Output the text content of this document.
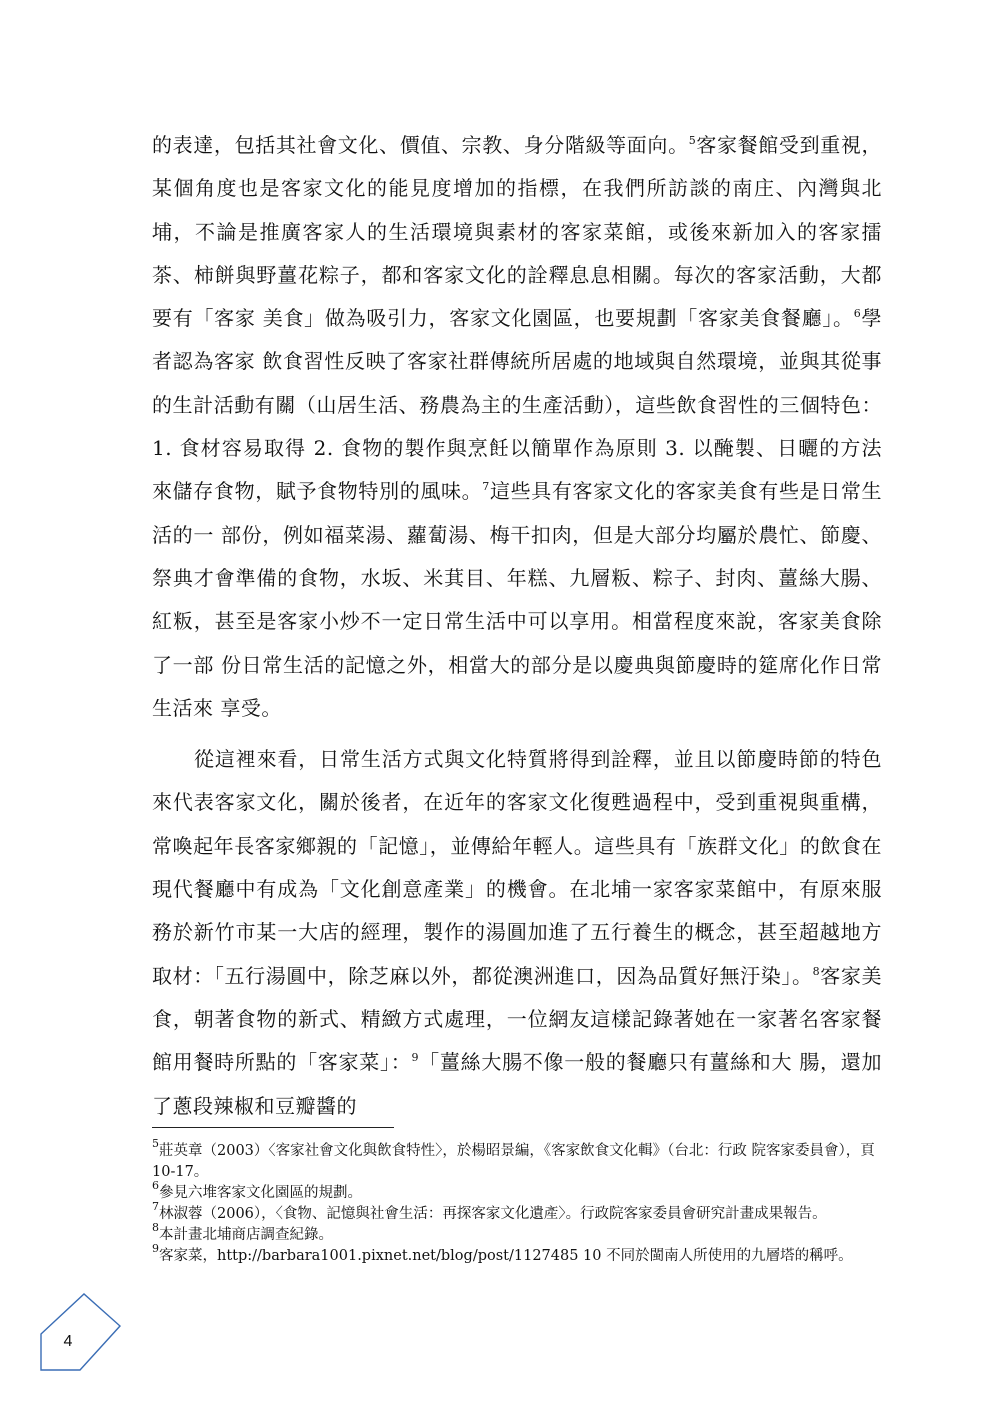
的表達，包括其社會文化、價值、宗教、身分階級等面向。$^5$客家餐館受到重視，某個角度也是客家文化的能見度增加的指標，在我們所訪談的南庄、內灣與北埔，不論是推廣客家人的生活環境與素材的客家菜館，或後來新加入的客家擂茶、柿餅與野薑花粽子，都和客家文化的詮釋息息相關。每次的客家活動，大都要有「客家 美食」做為吸引力，客家文化園區，也要規劃「客家美食餐廳」。$^6$學者認為客家 飲食習性反映了客家社群傳統所居處的地域與自然環境，並與其從事的生計活動有關（山居生活、務農為主的生產活動），這些飲食習性的三個特色：1. 食材容易取得 2. 食物的製作與烹飪以簡單作為原則 3. 以醃製、日曬的方法來儲存食物，賦予食物特別的風味。$^7$這些具有客家文化的客家美食有些是日常生活的一 部份，例如福菜湯、蘿蔔湯、梅干扣肉，但是大部分均屬於農忙、節慶、祭典才會準備的食物，水坂、米萁目、年糕、九層粄、粽子、封肉、薑絲大腸、紅粄，甚至是客家小炒不一定日常生活中可以享用。相當程度來說，客家美食除了一部 份日常生活的記憶之外，相當大的部分是以慶典與節慶時的筵席化作日常生活來 享受。

從這裡來看，日常生活方式與文化特質將得到詮釋，並且以節慶時節的特色 來代表客家文化，關於後者，在近年的客家文化復甦過程中，受到重視與重構，常喚起年長客家鄉親的「記憶」，並傳給年輕人。這些具有「族群文化」的飲食在現代餐廳中有成為「文化創意產業」的機會。在北埔一家客家菜館中，有原來服務於新竹市某一大店的經理，製作的湯圓加進了五行養生的概念，甚至超越地方取材：「五行湯圓中，除芝麻以外，都從澳洲進口，因為品質好無汙染」。$^8$客家美食，朝著食物的新式、精緻方式處理，一位網友這樣記錄著她在一家著名客家餐館用餐時所點的「客家菜」：$^9$「薑絲大腸不像一般的餐廳只有薑絲和大 腸，還加了蔥段辣椒和豆瓣醬的

$^5$莊英章（2003）〈客家社會文化與飲食特性〉，於楊昭景編，《客家飲食文化輯》（台北：行政 院客家委員會），頁 10-17。

$^6$參見六堆客家文化園區的規劃。

$^7$林淑蓉（2006），〈食物、記憶與社會生活：再探客家文化遺產〉。行政院客家委員會研究計畫成果報告。

$^8$本計畫北埔商店調查紀錄。

$^9$客家菜，http://barbara1001.pixnet.net/blog/post/1127485 10 不同於閩南人所使用的九層塔的稱呼。

4
